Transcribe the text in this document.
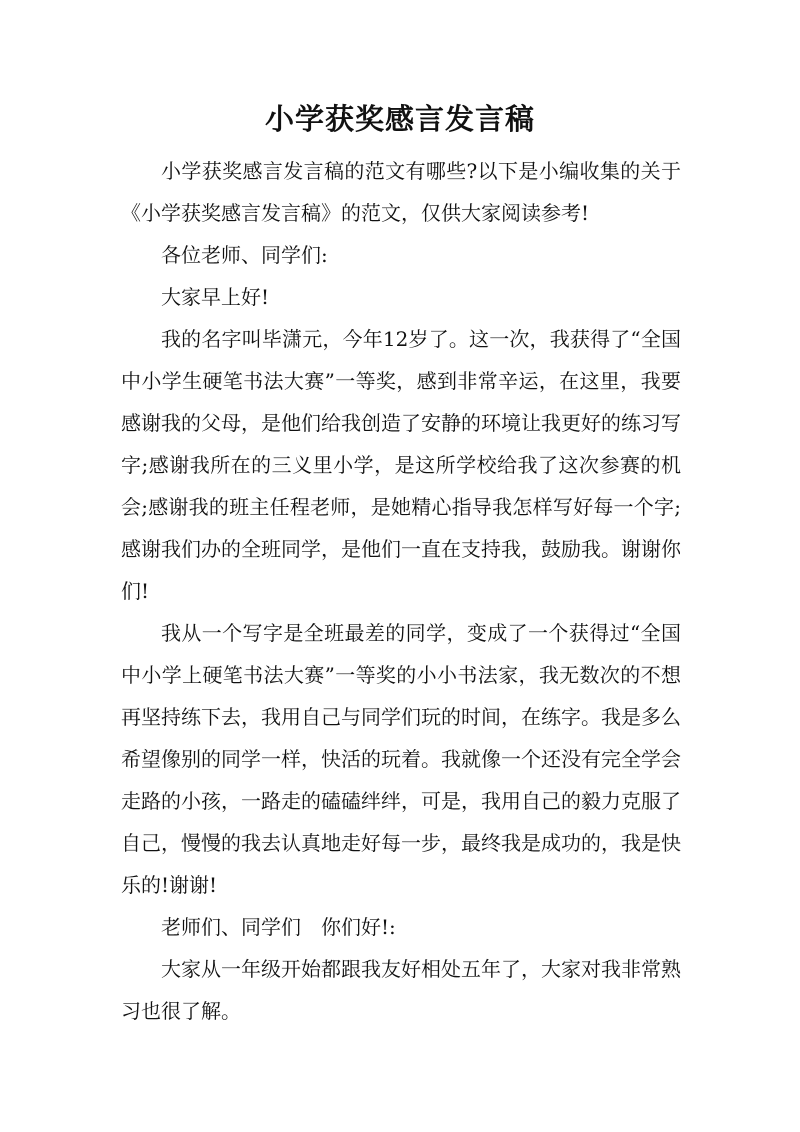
小学获奖感言发言稿

小学获奖感言发言稿的范文有哪些?以下是小编收集的关于《小学获奖感言发言稿》的范文，仅供大家阅读参考!

各位老师、同学们:

大家早上好!

我的名字叫毕潇元，今年12岁了。这一次，我获得了“全国中小学生硬笔书法大赛”一等奖，感到非常辛运，在这里，我要感谢我的父母，是他们给我创造了安静的环境让我更好的练习写字;感谢我所在的三义里小学，是这所学校给我了这次参赛的机会;感谢我的班主任程老师，是她精心指导我怎样写好每一个字;感谢我们办的全班同学，是他们一直在支持我，鼓励我。谢谢你们!

我从一个写字是全班最差的同学，变成了一个获得过“全国中小学上硬笔书法大赛”一等奖的小小书法家，我无数次的不想再坚持练下去，我用自己与同学们玩的时间，在练字。我是多么希望像别的同学一样，快活的玩着。我就像一个还没有完全学会走路的小孩，一路走的磕磕绊绊，可是，我用自己的毅力克服了自己，慢慢的我去认真地走好每一步，最终我是成功的，我是快乐的!谢谢!

老师们、同学们　你们好!:

大家从一年级开始都跟我友好相处五年了，大家对我非常熟习也很了解。
